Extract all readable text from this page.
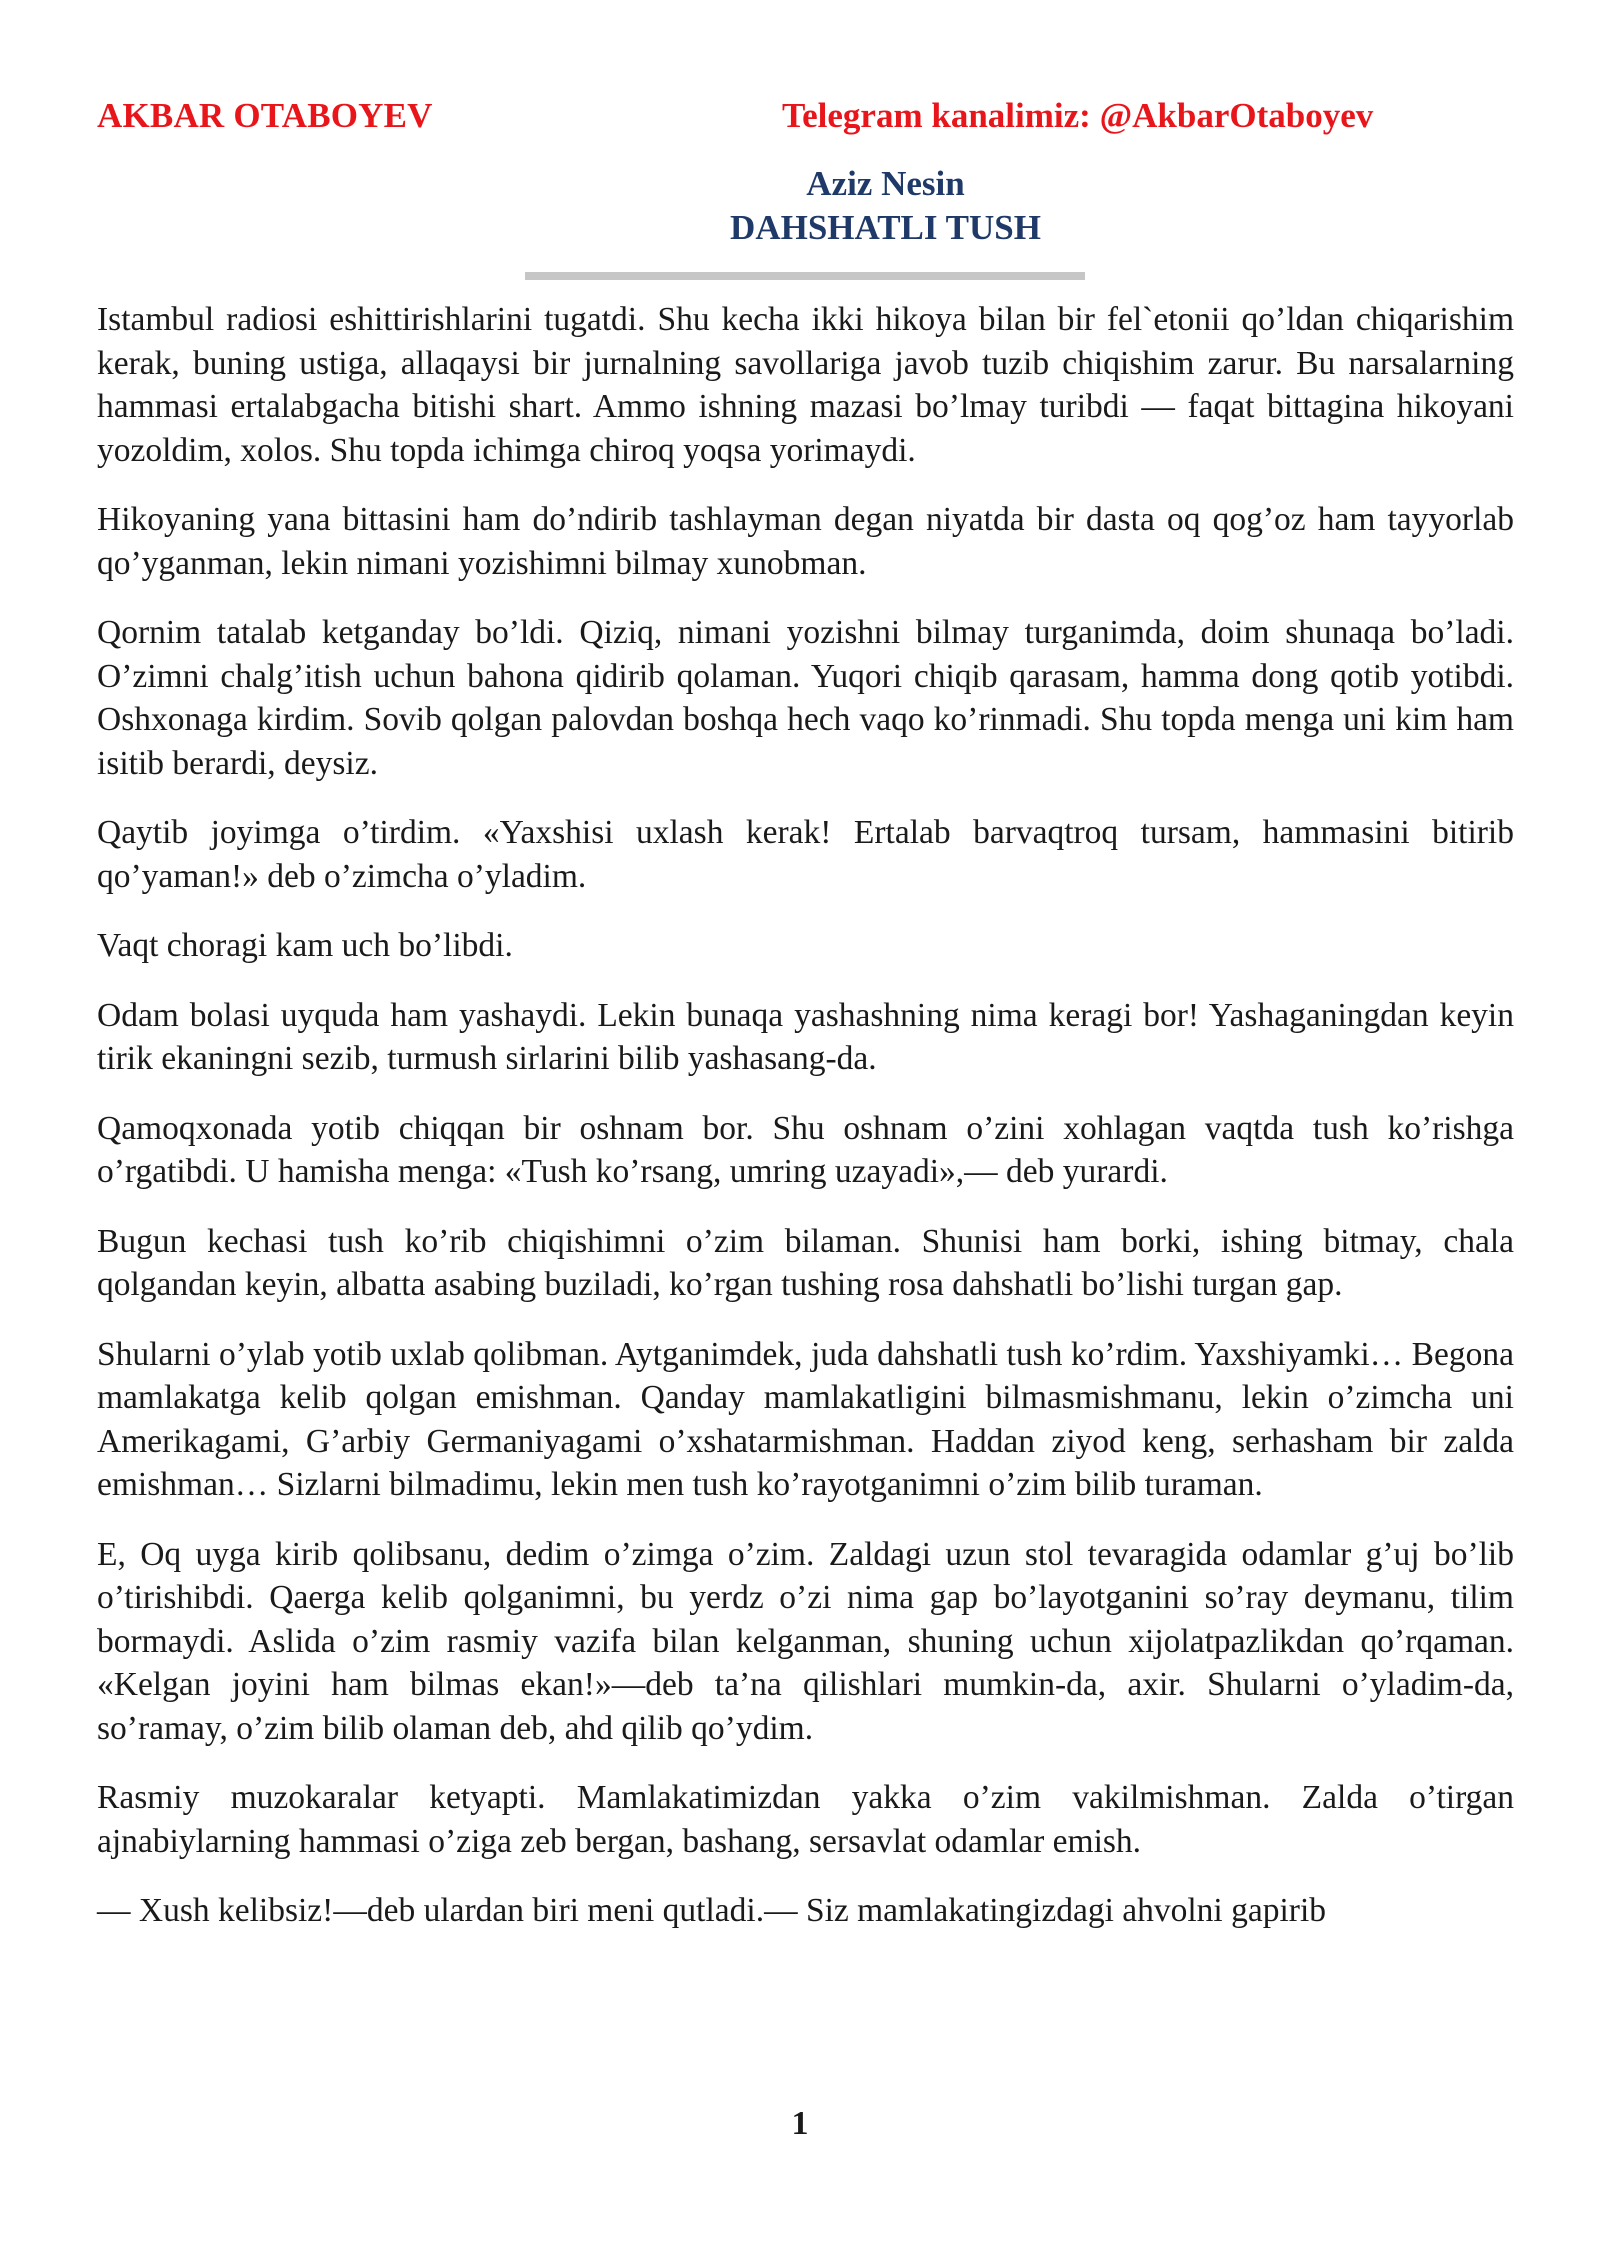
AKBAR OTABOYEV	Telegram kanalimiz: @AkbarOtaboyev
Aziz Nesin
DAHSHATLI TUSH

Istambul radiosi eshittirishlarini tugatdi. Shu kecha ikki hikoya bilan bir fel`etonii qo’ldan chiqarishim kerak, buning ustiga, allaqaysi bir jurnalning savollariga javob tuzib chiqishim zarur. Bu narsalarning hammasi ertalabgacha bitishi shart. Ammo ishning mazasi bo’lmay turibdi — faqat bittagina hikoyani yozoldim, xolos. Shu topda ichimga chiroq yoqsa yorimaydi.

Hikoyaning yana bittasini ham do’ndirib tashlayman degan niyatda bir dasta oq qog’oz ham tayyorlab qo’yganman, lekin nimani yozishimni bilmay xunobman.

Qornim tatalab ketganday bo’ldi. Qiziq, nimani yozishni bilmay turganimda, doim shunaqa bo’ladi. O’zimni chalg’itish uchun bahona qidirib qolaman. Yuqori chiqib qarasam, hamma dong qotib yotibdi. Oshxonaga kirdim. Sovib qolgan palovdan boshqa hech vaqo ko’rinmadi. Shu topda menga uni kim ham isitib berardi, deysiz.

Qaytib joyimga o’tirdim. «Yaxshisi uxlash kerak! Ertalab barvaqtroq tursam, hammasini bitirib qo’yaman!» deb o’zimcha o’yladim.

Vaqt choragi kam uch bo’libdi.

Odam bolasi uyquda ham yashaydi. Lekin bunaqa yashashning nima keragi bor! Yashaganingdan keyin tirik ekaningni sezib, turmush sirlarini bilib yashasang-da.

Qamoqxonada yotib chiqqan bir oshnam bor. Shu oshnam o’zini xohlagan vaqtda tush ko’rishga o’rgatibdi. U hamisha menga: «Tush ko’rsang, umring uzayadi»,— deb yurardi.

Bugun kechasi tush ko’rib chiqishimni o’zim bilaman. Shunisi ham borki, ishing bitmay, chala qolgandan keyin, albatta asabing buziladi, ko’rgan tushing rosa dahshatli bo’lishi turgan gap.

Shularni o’ylab yotib uxlab qolibman. Aytganimdek, juda dahshatli tush ko’rdim. Yaxshiyamki… Begona mamlakatga kelib qolgan emishman. Qanday mamlakatligini bilmasmishmanu, lekin o’zimcha uni Amerikagami, G’arbiy Germaniyagami o’xshatarmishman. Haddan ziyod keng, serhasham bir zalda emishman… Sizlarni bilmadimu, lekin men tush ko’rayotganimni o’zim bilib turaman.

E, Oq uyga kirib qolibsanu, dedim o’zimga o’zim. Zaldagi uzun stol tevaragida odamlar g’uj bo’lib o’tirishibdi. Qaerga kelib qolganimni, bu yerdz o’zi nima gap bo’layotganini so’ray deymanu, tilim bormaydi. Aslida o’zim rasmiy vazifa bilan kelganman, shuning uchun xijolatpazlikdan qo’rqaman. «Kelgan joyini ham bilmas ekan!»—deb ta’na qilishlari mumkin-da, axir. Shularni o’yladim-da, so’ramay, o’zim bilib olaman deb, ahd qilib qo’ydim.

Rasmiy muzokaralar ketyapti. Mamlakatimizdan yakka o’zim vakilmishman. Zalda o’tirgan ajnabiylarning hammasi o’ziga zeb bergan, bashang, sersavlat odamlar emish.

— Xush kelibsiz!—deb ulardan biri meni qutladi.— Siz mamlakatingizdagi ahvolni gapirib

1
